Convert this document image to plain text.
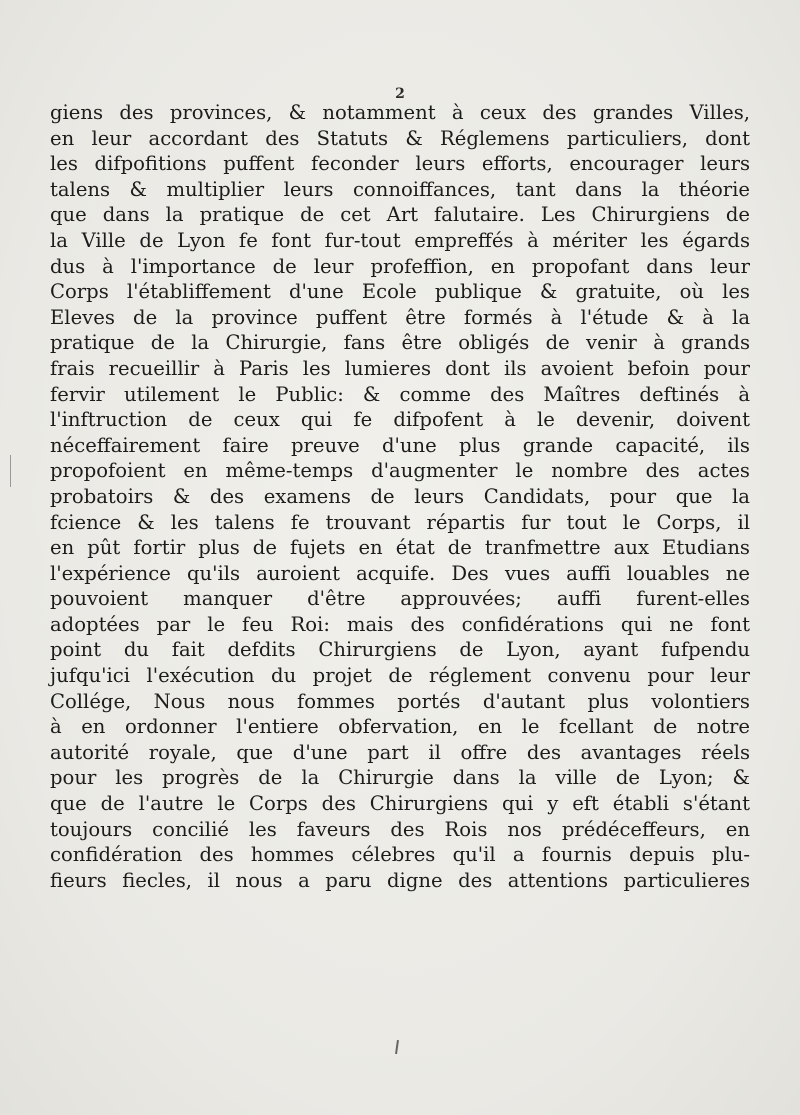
2
giens des provinces, & notamment à ceux des grandes Villes,
en leur accordant des Statuts & Réglemens particuliers, dont
les difpofitions puffent feconder leurs efforts, encourager leurs
talens & multiplier leurs connoiffances, tant dans la théorie
que dans la pratique de cet Art falutaire. Les Chirurgiens de
la Ville de Lyon fe font fur-tout empreffés à mériter les égards
dus à l'importance de leur profeffion, en propofant dans leur
Corps l'établiffement d'une Ecole publique & gratuite, où les
Eleves de la province puffent être formés à l'étude & à la
pratique de la Chirurgie, fans être obligés de venir à grands
frais recueillir à Paris les lumieres dont ils avoient befoin pour
fervir utilement le Public: & comme des Maîtres deftinés à
l'inftruction de ceux qui fe difpofent à le devenir, doivent
néceffairement faire preuve d'une plus grande capacité, ils
propofoient en même-temps d'augmenter le nombre des actes
probatoirs & des examens de leurs Candidats, pour que la
fcience & les talens fe trouvant répartis fur tout le Corps, il
en pût fortir plus de fujets en état de tranfmettre aux Etudians
l'expérience qu'ils auroient acquife. Des vues auffi louables ne
pouvoient manquer d'être approuvées; auffi furent-elles
adoptées par le feu Roi: mais des confidérations qui ne font
point du fait defdits Chirurgiens de Lyon, ayant fufpendu
jufqu'ici l'exécution du projet de réglement convenu pour leur
Collége, Nous nous fommes portés d'autant plus volontiers
à en ordonner l'entiere obfervation, en le fcellant de notre
autorité royale, que d'une part il offre des avantages réels
pour les progrès de la Chirurgie dans la ville de Lyon; &
que de l'autre le Corps des Chirurgiens qui y eft établi s'étant
toujours concilié les faveurs des Rois nos prédéceffeurs, en
confidération des hommes célebres qu'il a fournis depuis plu-
fieurs fiecles, il nous a paru digne des attentions particulieres
